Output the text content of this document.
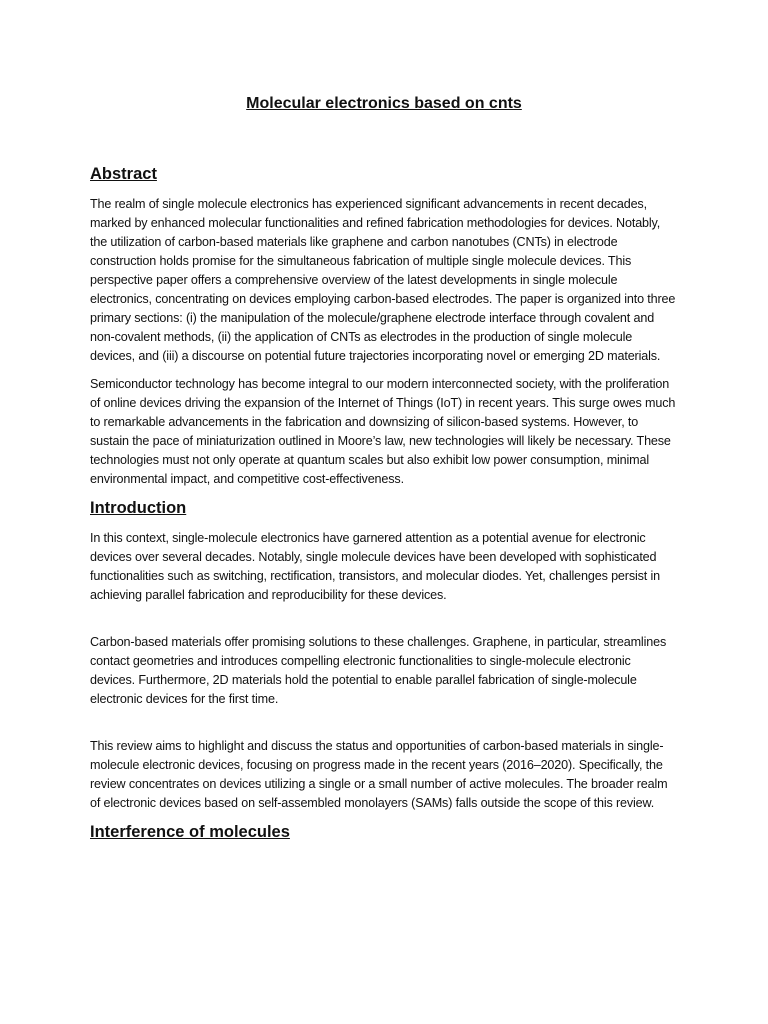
Molecular electronics based on cnts
Abstract

The realm of single molecule electronics has experienced significant advancements in recent decades, marked by enhanced molecular functionalities and refined fabrication methodologies for devices. Notably, the utilization of carbon-based materials like graphene and carbon nanotubes (CNTs) in electrode construction holds promise for the simultaneous fabrication of multiple single molecule devices. This perspective paper offers a comprehensive overview of the latest developments in single molecule electronics, concentrating on devices employing carbon-based electrodes. The paper is organized into three primary sections: (i) the manipulation of the molecule/graphene electrode interface through covalent and non-covalent methods, (ii) the application of CNTs as electrodes in the production of single molecule devices, and (iii) a discourse on potential future trajectories incorporating novel or emerging 2D materials.

Semiconductor technology has become integral to our modern interconnected society, with the proliferation of online devices driving the expansion of the Internet of Things (IoT) in recent years. This surge owes much to remarkable advancements in the fabrication and downsizing of silicon-based systems. However, to sustain the pace of miniaturization outlined in Moore’s law, new technologies will likely be necessary. These technologies must not only operate at quantum scales but also exhibit low power consumption, minimal environmental impact, and competitive cost-effectiveness.

Introduction

In this context, single-molecule electronics have garnered attention as a potential avenue for electronic devices over several decades. Notably, single molecule devices have been developed with sophisticated functionalities such as switching, rectification, transistors, and molecular diodes. Yet, challenges persist in achieving parallel fabrication and reproducibility for these devices.

Carbon-based materials offer promising solutions to these challenges. Graphene, in particular, streamlines contact geometries and introduces compelling electronic functionalities to single-molecule electronic devices. Furthermore, 2D materials hold the potential to enable parallel fabrication of single-molecule electronic devices for the first time.

This review aims to highlight and discuss the status and opportunities of carbon-based materials in single-molecule electronic devices, focusing on progress made in the recent years (2016–2020). Specifically, the review concentrates on devices utilizing a single or a small number of active molecules. The broader realm of electronic devices based on self-assembled monolayers (SAMs) falls outside the scope of this review.

Interference of molecules
